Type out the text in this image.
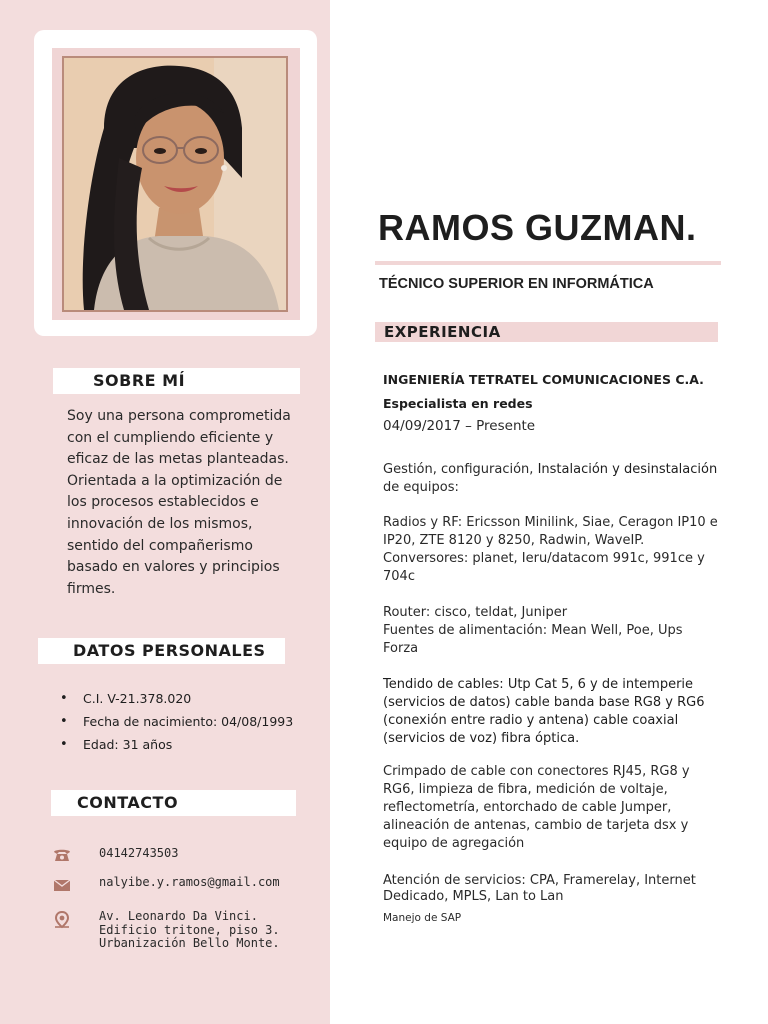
SOBRE MÍ
Soy una persona comprometida
con el cumpliendo eficiente y
eficaz de las metas planteadas.
Orientada a la optimización de
los procesos establecidos e
innovación de los mismos,
sentido del compañerismo
basado en valores y principios
firmes.
DATOS PERSONALES
• C.I. V-21.378.020
• Fecha de nacimiento: 04/08/1993
• Edad: 31 años
CONTACTO
04142743503
nalyibe.y.ramos@gmail.com
Av. Leonardo Da Vinci.
Edificio tritone, piso 3.
Urbanización Bello Monte.
RAMOS GUZMAN.
TÉCNICO SUPERIOR EN INFORMÁTICA
EXPERIENCIA
INGENIERÍA TETRATEL COMUNICACIONES C.A.
Especialista en redes
04/09/2017 – Presente
Gestión, configuración, Instalación y desinstalación
de equipos:
Radios y RF: Ericsson Minilink, Siae, Ceragon IP10 e
IP20, ZTE 8120 y 8250, Radwin, WaveIP.
Conversores: planet, Ieru/datacom 991c, 991ce y
704c
Router: cisco, teldat, Juniper
Fuentes de alimentación: Mean Well, Poe, Ups
Forza
Tendido de cables: Utp Cat 5, 6 y de intemperie
(servicios de datos) cable banda base RG8 y RG6
(conexión entre radio y antena) cable coaxial
(servicios de voz) fibra óptica.
Crimpado de cable con conectores RJ45, RG8 y
RG6, limpieza de fibra, medición de voltaje,
reflectometría, entorchado de cable Jumper,
alineación de antenas, cambio de tarjeta dsx y
equipo de agregación
Atención de servicios: CPA, Framerelay, Internet
Dedicado, MPLS, Lan to Lan
Manejo de SAP
